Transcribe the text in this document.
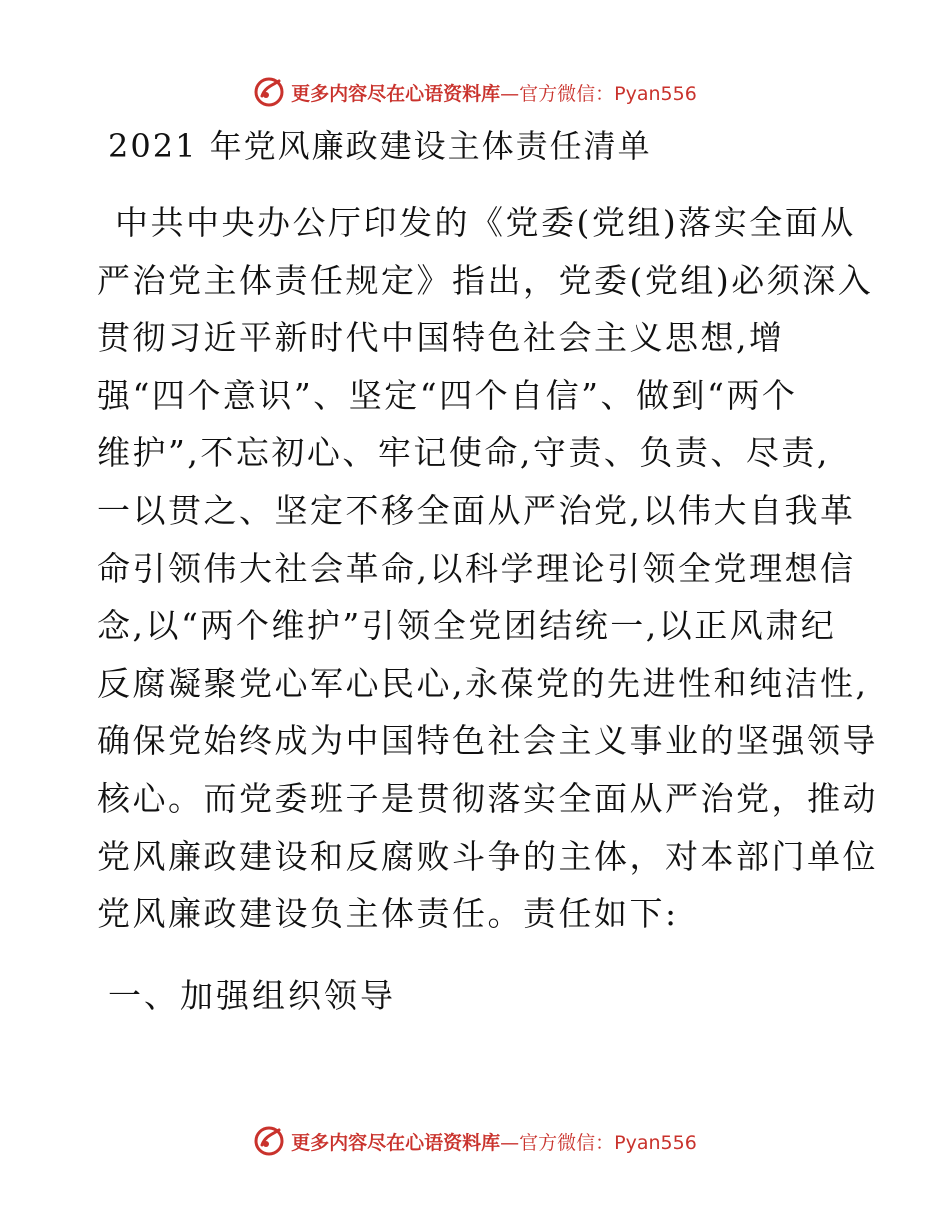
更多内容尽在心语资料库—官方微信：Pyan556
2021 年党风廉政建设主体责任清单
中共中央办公厅印发的《党委(党组)落实全面从
严治党主体责任规定》指出，党委(党组)必须深入
贯彻习近平新时代中国特色社会主义思想,增
强“四个意识”、坚定“四个自信”、做到“两个
维护”,不忘初心、牢记使命,守责、负责、尽责,
一以贯之、坚定不移全面从严治党,以伟大自我革
命引领伟大社会革命,以科学理论引领全党理想信
念,以“两个维护”引领全党团结统一,以正风肃纪
反腐凝聚党心军心民心,永葆党的先进性和纯洁性,
确保党始终成为中国特色社会主义事业的坚强领导
核心。而党委班子是贯彻落实全面从严治党，推动
党风廉政建设和反腐败斗争的主体，对本部门单位
党风廉政建设负主体责任。责任如下:
一、加强组织领导
更多内容尽在心语资料库—官方微信：Pyan556
